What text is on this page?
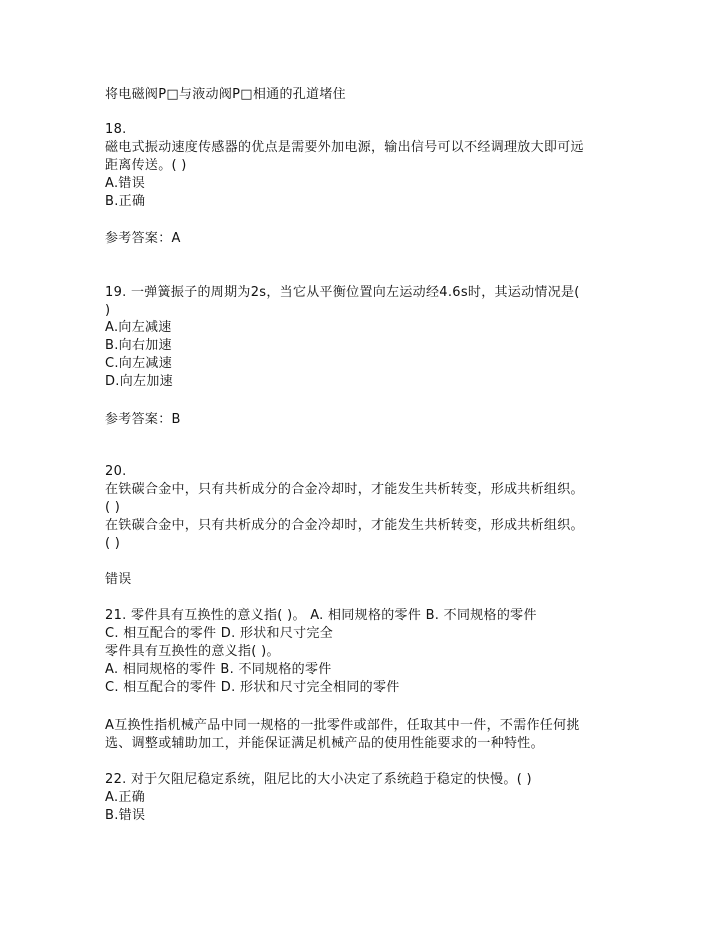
将电磁阀P□与液动阀P□相通的孔道堵住
18.
磁电式振动速度传感器的优点是需要外加电源，输出信号可以不经调理放大即可远
距离传送。( )
A.错误
B.正确
参考答案：A
19. 一弹簧振子的周期为2s，当它从平衡位置向左运动经4.6s时，其运动情况是(
)
A.向左减速
B.向右加速
C.向左减速
D.向左加速
参考答案：B
20.
在铁碳合金中，只有共析成分的合金冷却时，才能发生共析转变，形成共析组织。
( )
在铁碳合金中，只有共析成分的合金冷却时，才能发生共析转变，形成共析组织。
( )
错误
21. 零件具有互换性的意义指( )。 A. 相同规格的零件 B. 不同规格的零件
C. 相互配合的零件 D. 形状和尺寸完全
零件具有互换性的意义指( )。
A. 相同规格的零件 B. 不同规格的零件
C. 相互配合的零件 D. 形状和尺寸完全相同的零件
A互换性指机械产品中同一规格的一批零件或部件，任取其中一件，不需作任何挑
选、调整或辅助加工，并能保证满足机械产品的使用性能要求的一种特性。
22. 对于欠阻尼稳定系统，阻尼比的大小决定了系统趋于稳定的快慢。( )
A.正确
B.错误
